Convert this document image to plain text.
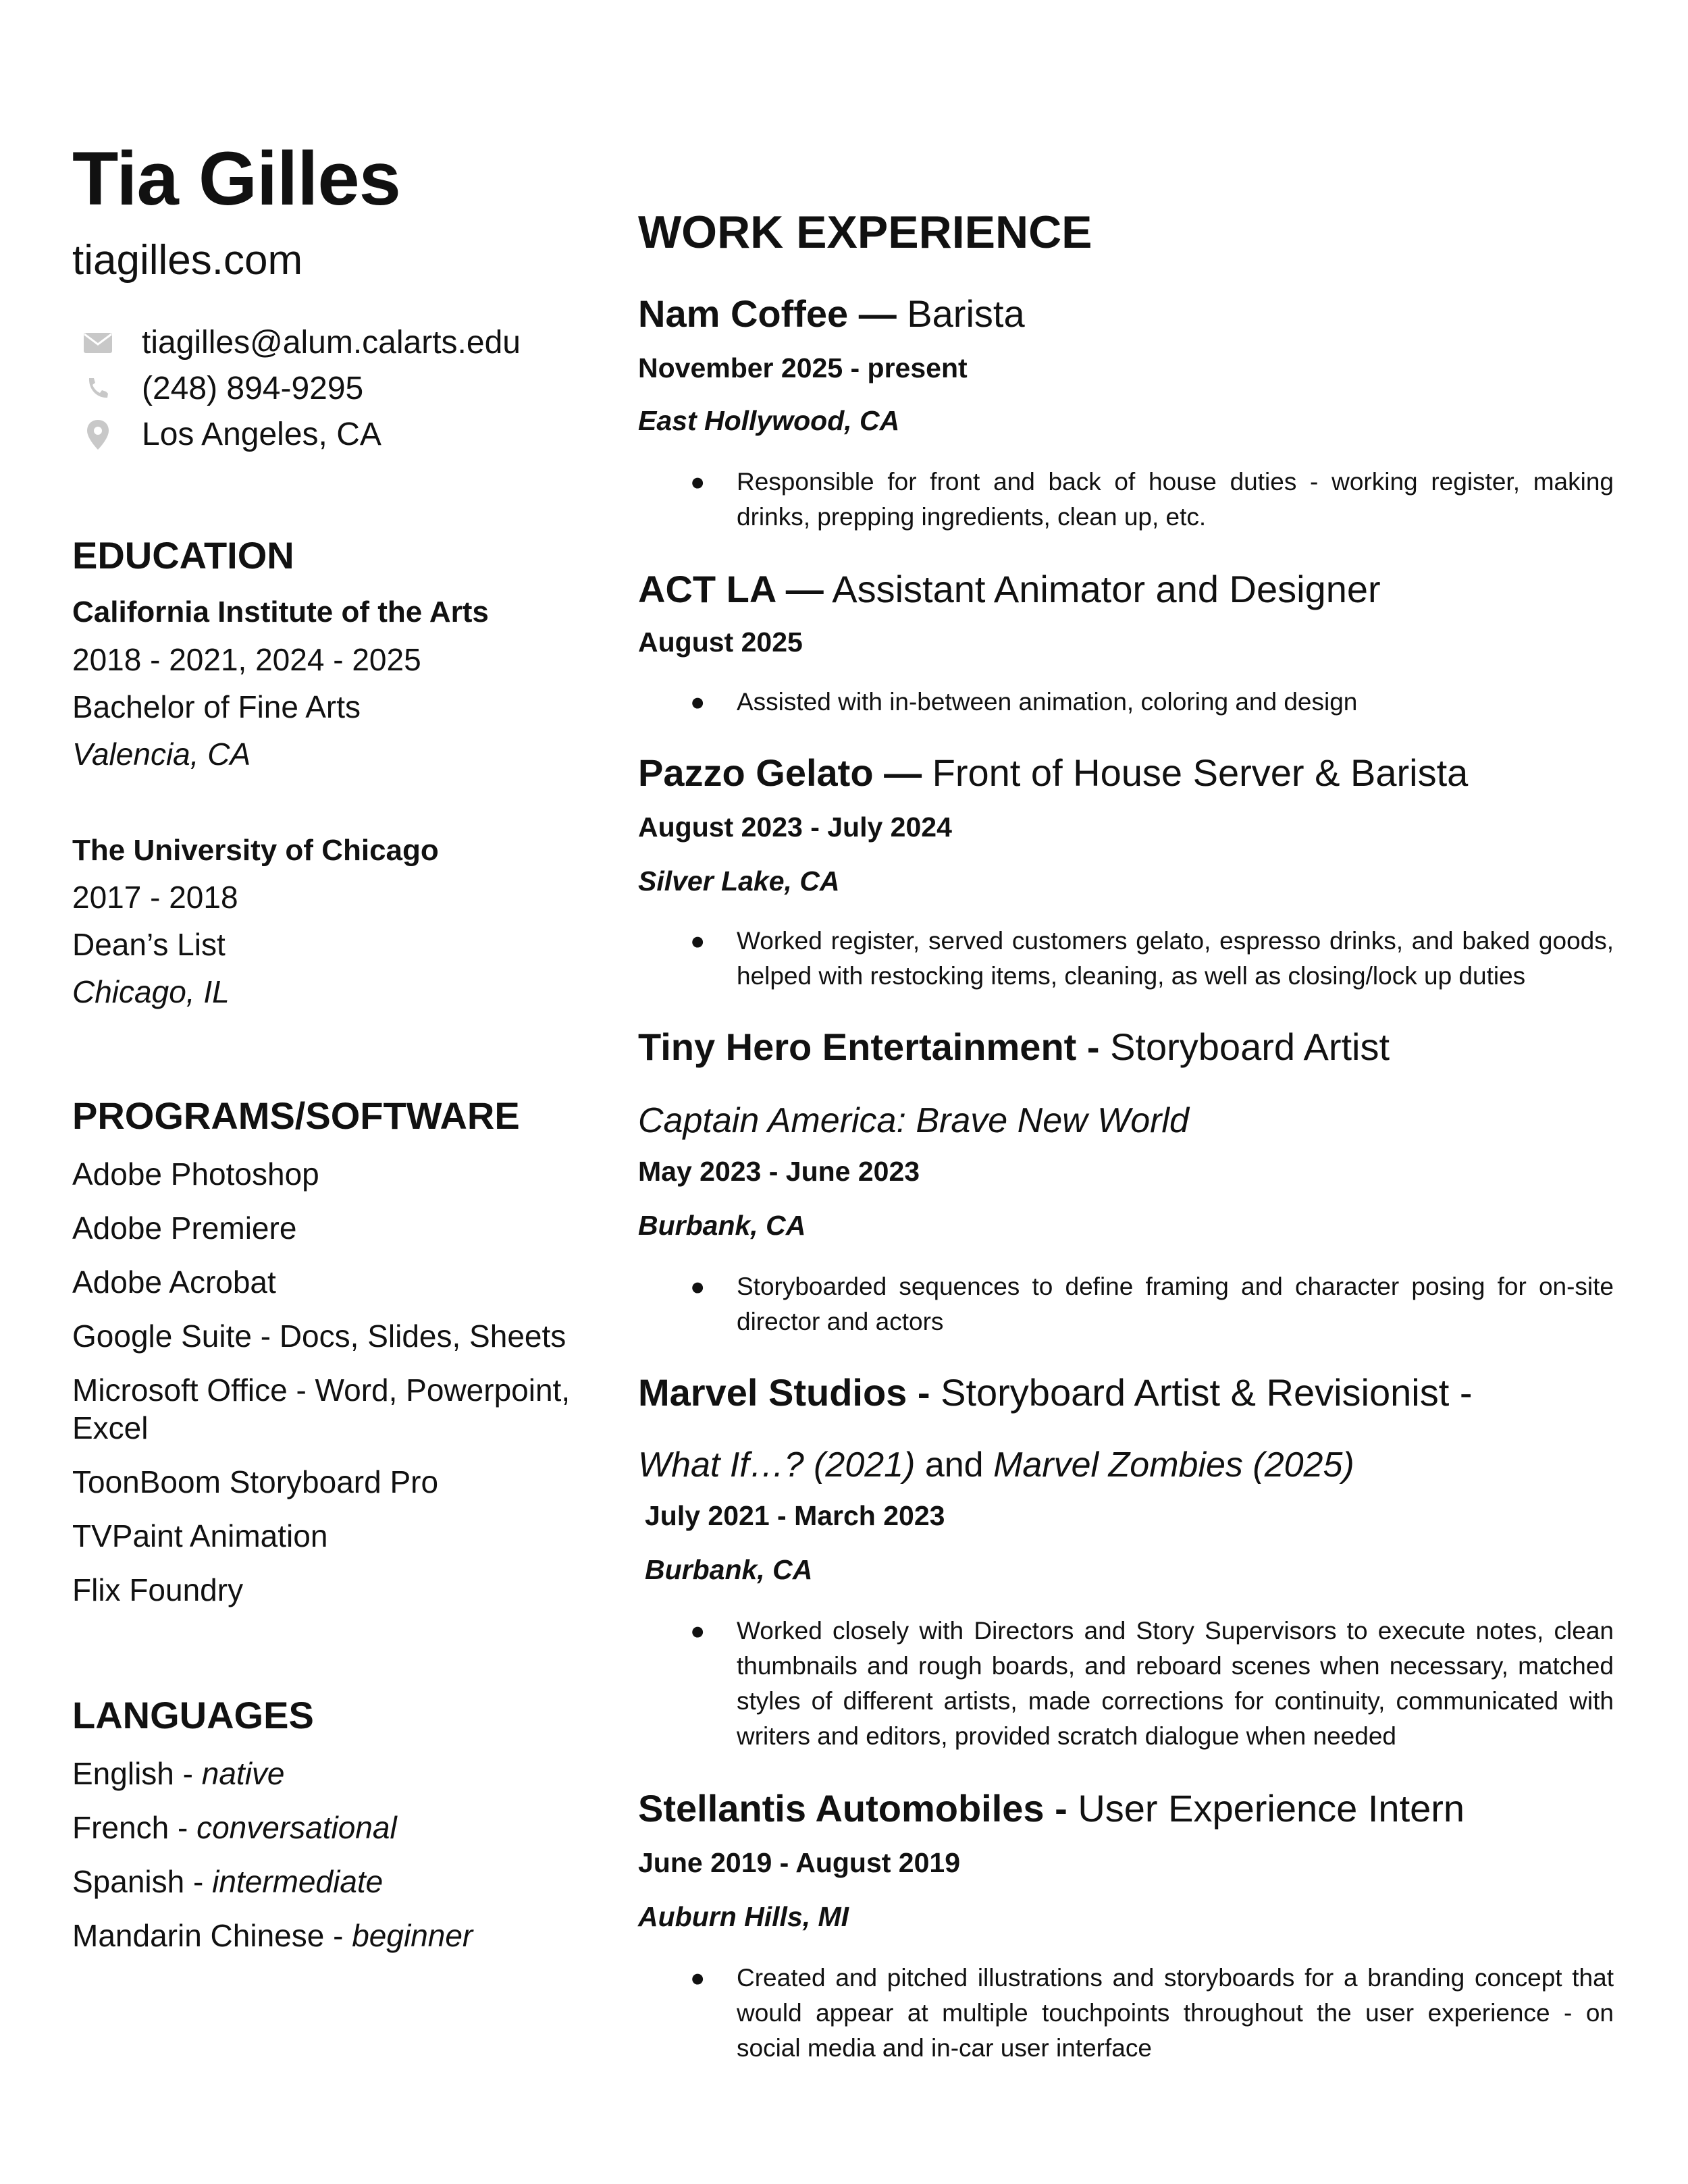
Tia Gilles
tiagilles.com
tiagilles@alum.calarts.edu
(248) 894-9295
Los Angeles, CA
EDUCATION
California Institute of the Arts
2018 - 2021, 2024 - 2025
Bachelor of Fine Arts
Valencia, CA
The University of Chicago
2017 - 2018
Dean’s List
Chicago, IL
PROGRAMS/SOFTWARE
Adobe Photoshop
Adobe Premiere
Adobe Acrobat
Google Suite - Docs, Slides, Sheets
Microsoft Office - Word, Powerpoint,
Excel
ToonBoom Storyboard Pro
TVPaint Animation
Flix Foundry
LANGUAGES
English - native
French - conversational
Spanish - intermediate
Mandarin Chinese - beginner
WORK EXPERIENCE
Nam Coffee — Barista
November 2025 - present
East Hollywood, CA
● Responsible for front and back of house duties - working register, making drinks, prepping ingredients, clean up, etc.
ACT LA — Assistant Animator and Designer
August 2025
● Assisted with in-between animation, coloring and design
Pazzo Gelato — Front of House Server & Barista
August 2023 - July 2024
Silver Lake, CA
● Worked register, served customers gelato, espresso drinks, and baked goods, helped with restocking items, cleaning, as well as closing/lock up duties
Tiny Hero Entertainment - Storyboard Artist
Captain America: Brave New World
May 2023 - June 2023
Burbank, CA
● Storyboarded sequences to define framing and character posing for on-site director and actors
Marvel Studios - Storyboard Artist & Revisionist -
What If…? (2021) and Marvel Zombies (2025)
July 2021 - March 2023
Burbank, CA
● Worked closely with Directors and Story Supervisors to execute notes, clean thumbnails and rough boards, and reboard scenes when necessary, matched styles of different artists, made corrections for continuity, communicated with writers and editors, provided scratch dialogue when needed
Stellantis Automobiles - User Experience Intern
June 2019 - August 2019
Auburn Hills, MI
● Created and pitched illustrations and storyboards for a branding concept that would appear at multiple touchpoints throughout the user experience - on social media and in-car user interface
